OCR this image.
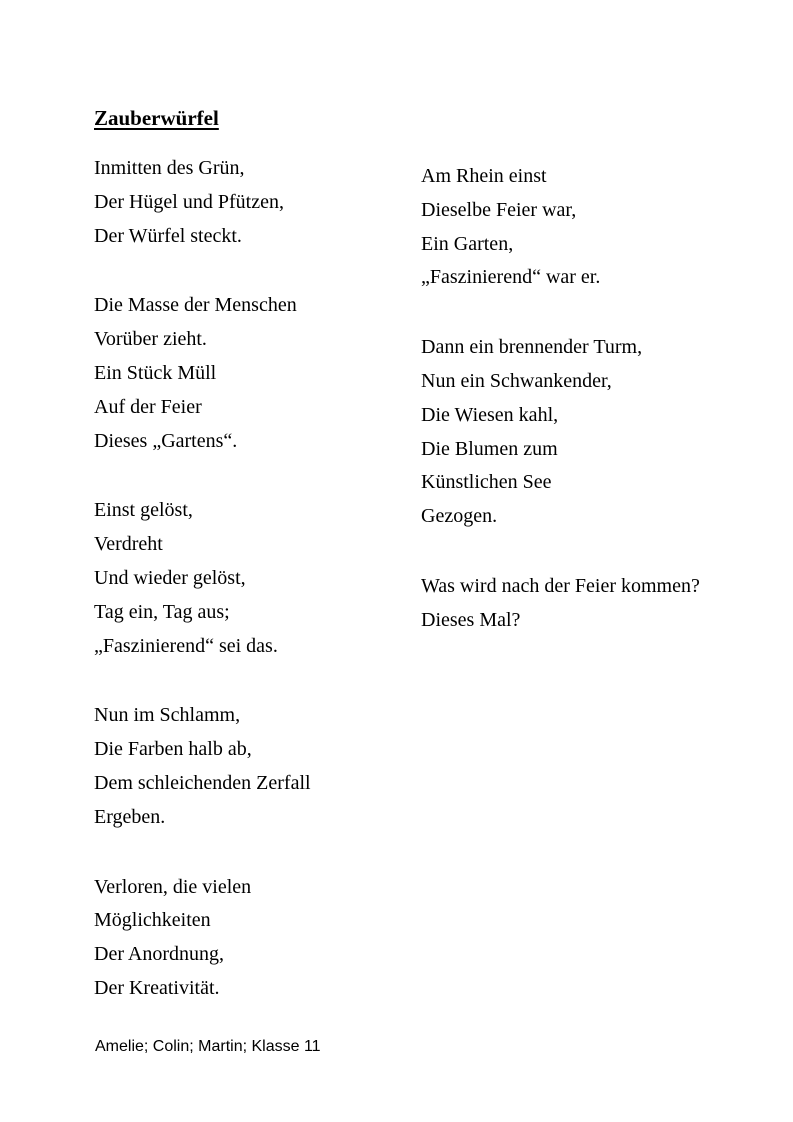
Zauberwürfel

Inmitten des Grün,
Der Hügel und Pfützen,
Der Würfel steckt.

Die Masse der Menschen
Vorüber zieht.
Ein Stück Müll
Auf der Feier
Dieses „Gartens“.

Einst gelöst,
Verdreht
Und wieder gelöst,
Tag ein, Tag aus;
„Faszinierend“ sei das.

Nun im Schlamm,
Die Farben halb ab,
Dem schleichenden Zerfall
Ergeben.

Verloren, die vielen
Möglichkeiten
Der Anordnung,
Der Kreativität.

Am Rhein einst
Dieselbe Feier war,
Ein Garten,
„Faszinierend“ war er.

Dann ein brennender Turm,
Nun ein Schwankender,
Die Wiesen kahl,
Die Blumen zum
Künstlichen See
Gezogen.

Was wird nach der Feier kommen?
Dieses Mal?

Amelie; Colin; Martin; Klasse 11
